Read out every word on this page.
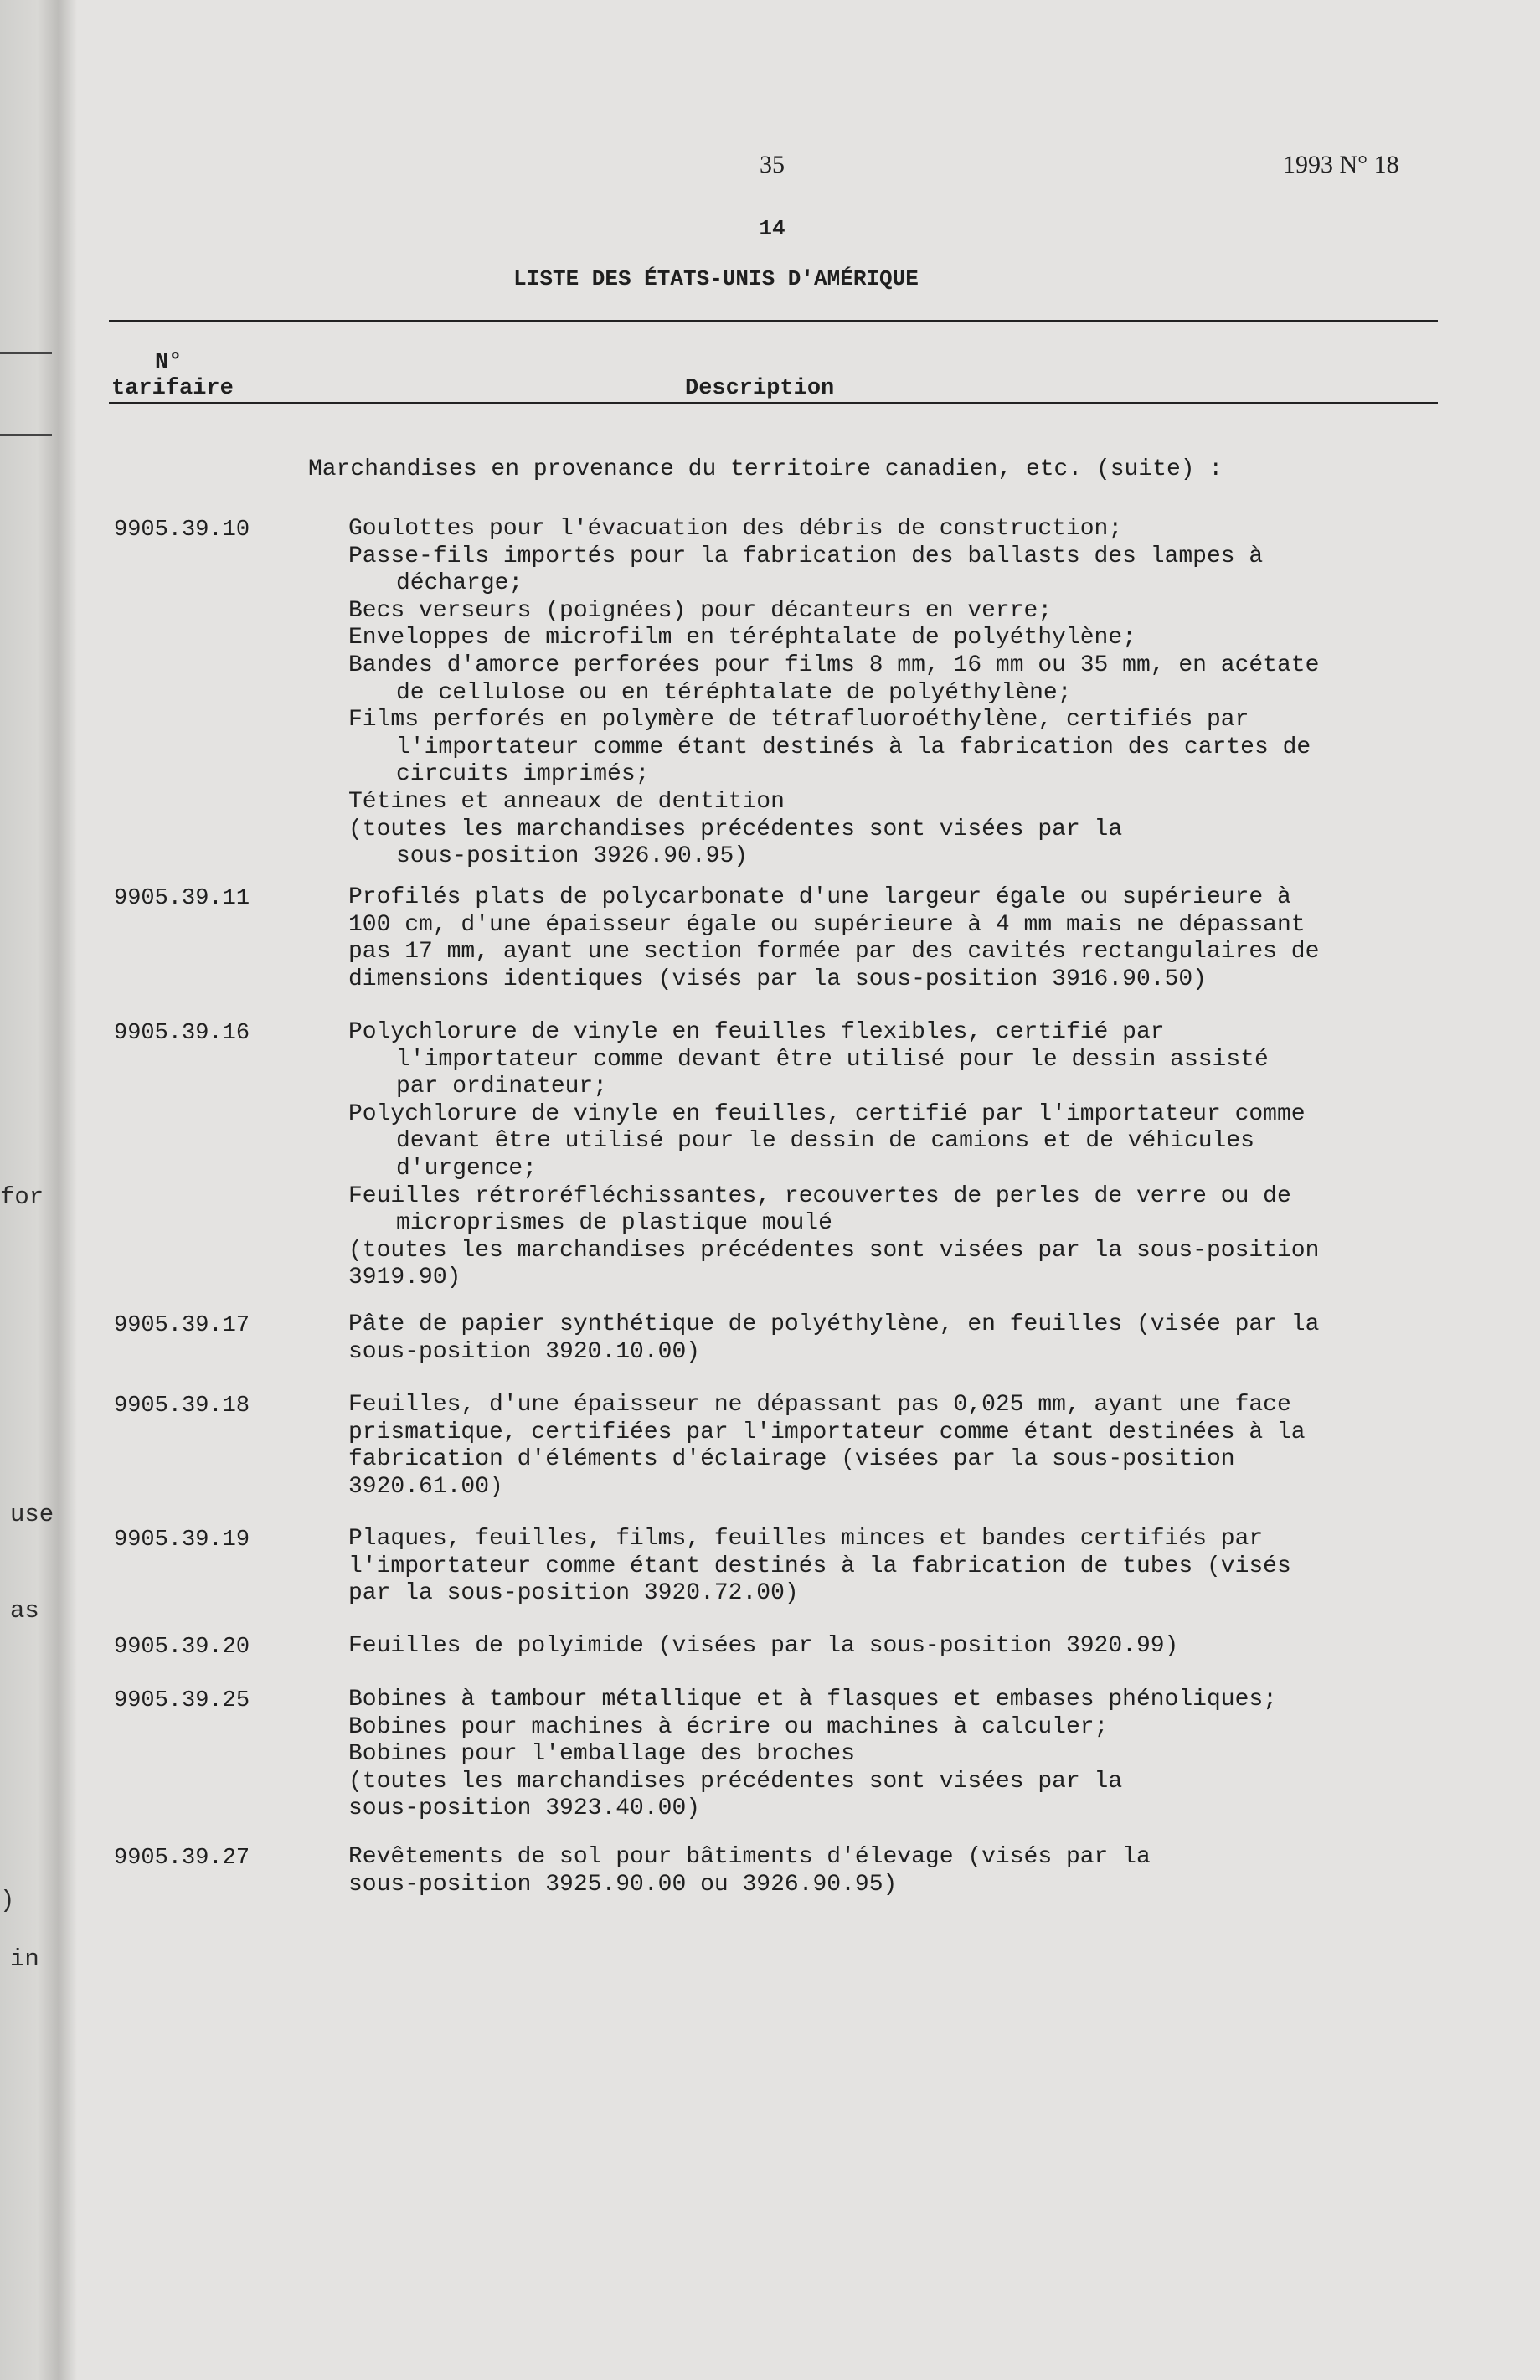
for
use
as
)
in
35	1993 N° 18
14
LISTE DES ÉTATS-UNIS D'AMÉRIQUE
N°
tarifaire	Description
Marchandises en provenance du territoire canadien, etc. (suite) :
9905.39.10	Goulottes pour l'évacuation des débris de construction;
Passe-fils importés pour la fabrication des ballasts des lampes à
décharge;
Becs verseurs (poignées) pour décanteurs en verre;
Enveloppes de microfilm en téréphtalate de polyéthylène;
Bandes d'amorce perforées pour films 8 mm, 16 mm ou 35 mm, en acétate
de cellulose ou en téréphtalate de polyéthylène;
Films perforés en polymère de tétrafluoroéthylène, certifiés par
l'importateur comme étant destinés à la fabrication des cartes de
circuits imprimés;
Tétines et anneaux de dentition
(toutes les marchandises précédentes sont visées par la
sous-position 3926.90.95)
9905.39.11	Profilés plats de polycarbonate d'une largeur égale ou supérieure à
100 cm, d'une épaisseur égale ou supérieure à 4 mm mais ne dépassant
pas 17 mm, ayant une section formée par des cavités rectangulaires de
dimensions identiques (visés par la sous-position 3916.90.50)
9905.39.16	Polychlorure de vinyle en feuilles flexibles, certifié par
l'importateur comme devant être utilisé pour le dessin assisté
par ordinateur;
Polychlorure de vinyle en feuilles, certifié par l'importateur comme
devant être utilisé pour le dessin de camions et de véhicules
d'urgence;
Feuilles rétroréfléchissantes, recouvertes de perles de verre ou de
microprismes de plastique moulé
(toutes les marchandises précédentes sont visées par la sous-position
3919.90)
9905.39.17	Pâte de papier synthétique de polyéthylène, en feuilles (visée par la
sous-position 3920.10.00)
9905.39.18	Feuilles, d'une épaisseur ne dépassant pas 0,025 mm, ayant une face
prismatique, certifiées par l'importateur comme étant destinées à la
fabrication d'éléments d'éclairage (visées par la sous-position
3920.61.00)
9905.39.19	Plaques, feuilles, films, feuilles minces et bandes certifiés par
l'importateur comme étant destinés à la fabrication de tubes (visés
par la sous-position 3920.72.00)
9905.39.20	Feuilles de polyimide (visées par la sous-position 3920.99)
9905.39.25	Bobines à tambour métallique et à flasques et embases phénoliques;
Bobines pour machines à écrire ou machines à calculer;
Bobines pour l'emballage des broches
(toutes les marchandises précédentes sont visées par la
sous-position 3923.40.00)
9905.39.27	Revêtements de sol pour bâtiments d'élevage (visés par la
sous-position 3925.90.00 ou 3926.90.95)
